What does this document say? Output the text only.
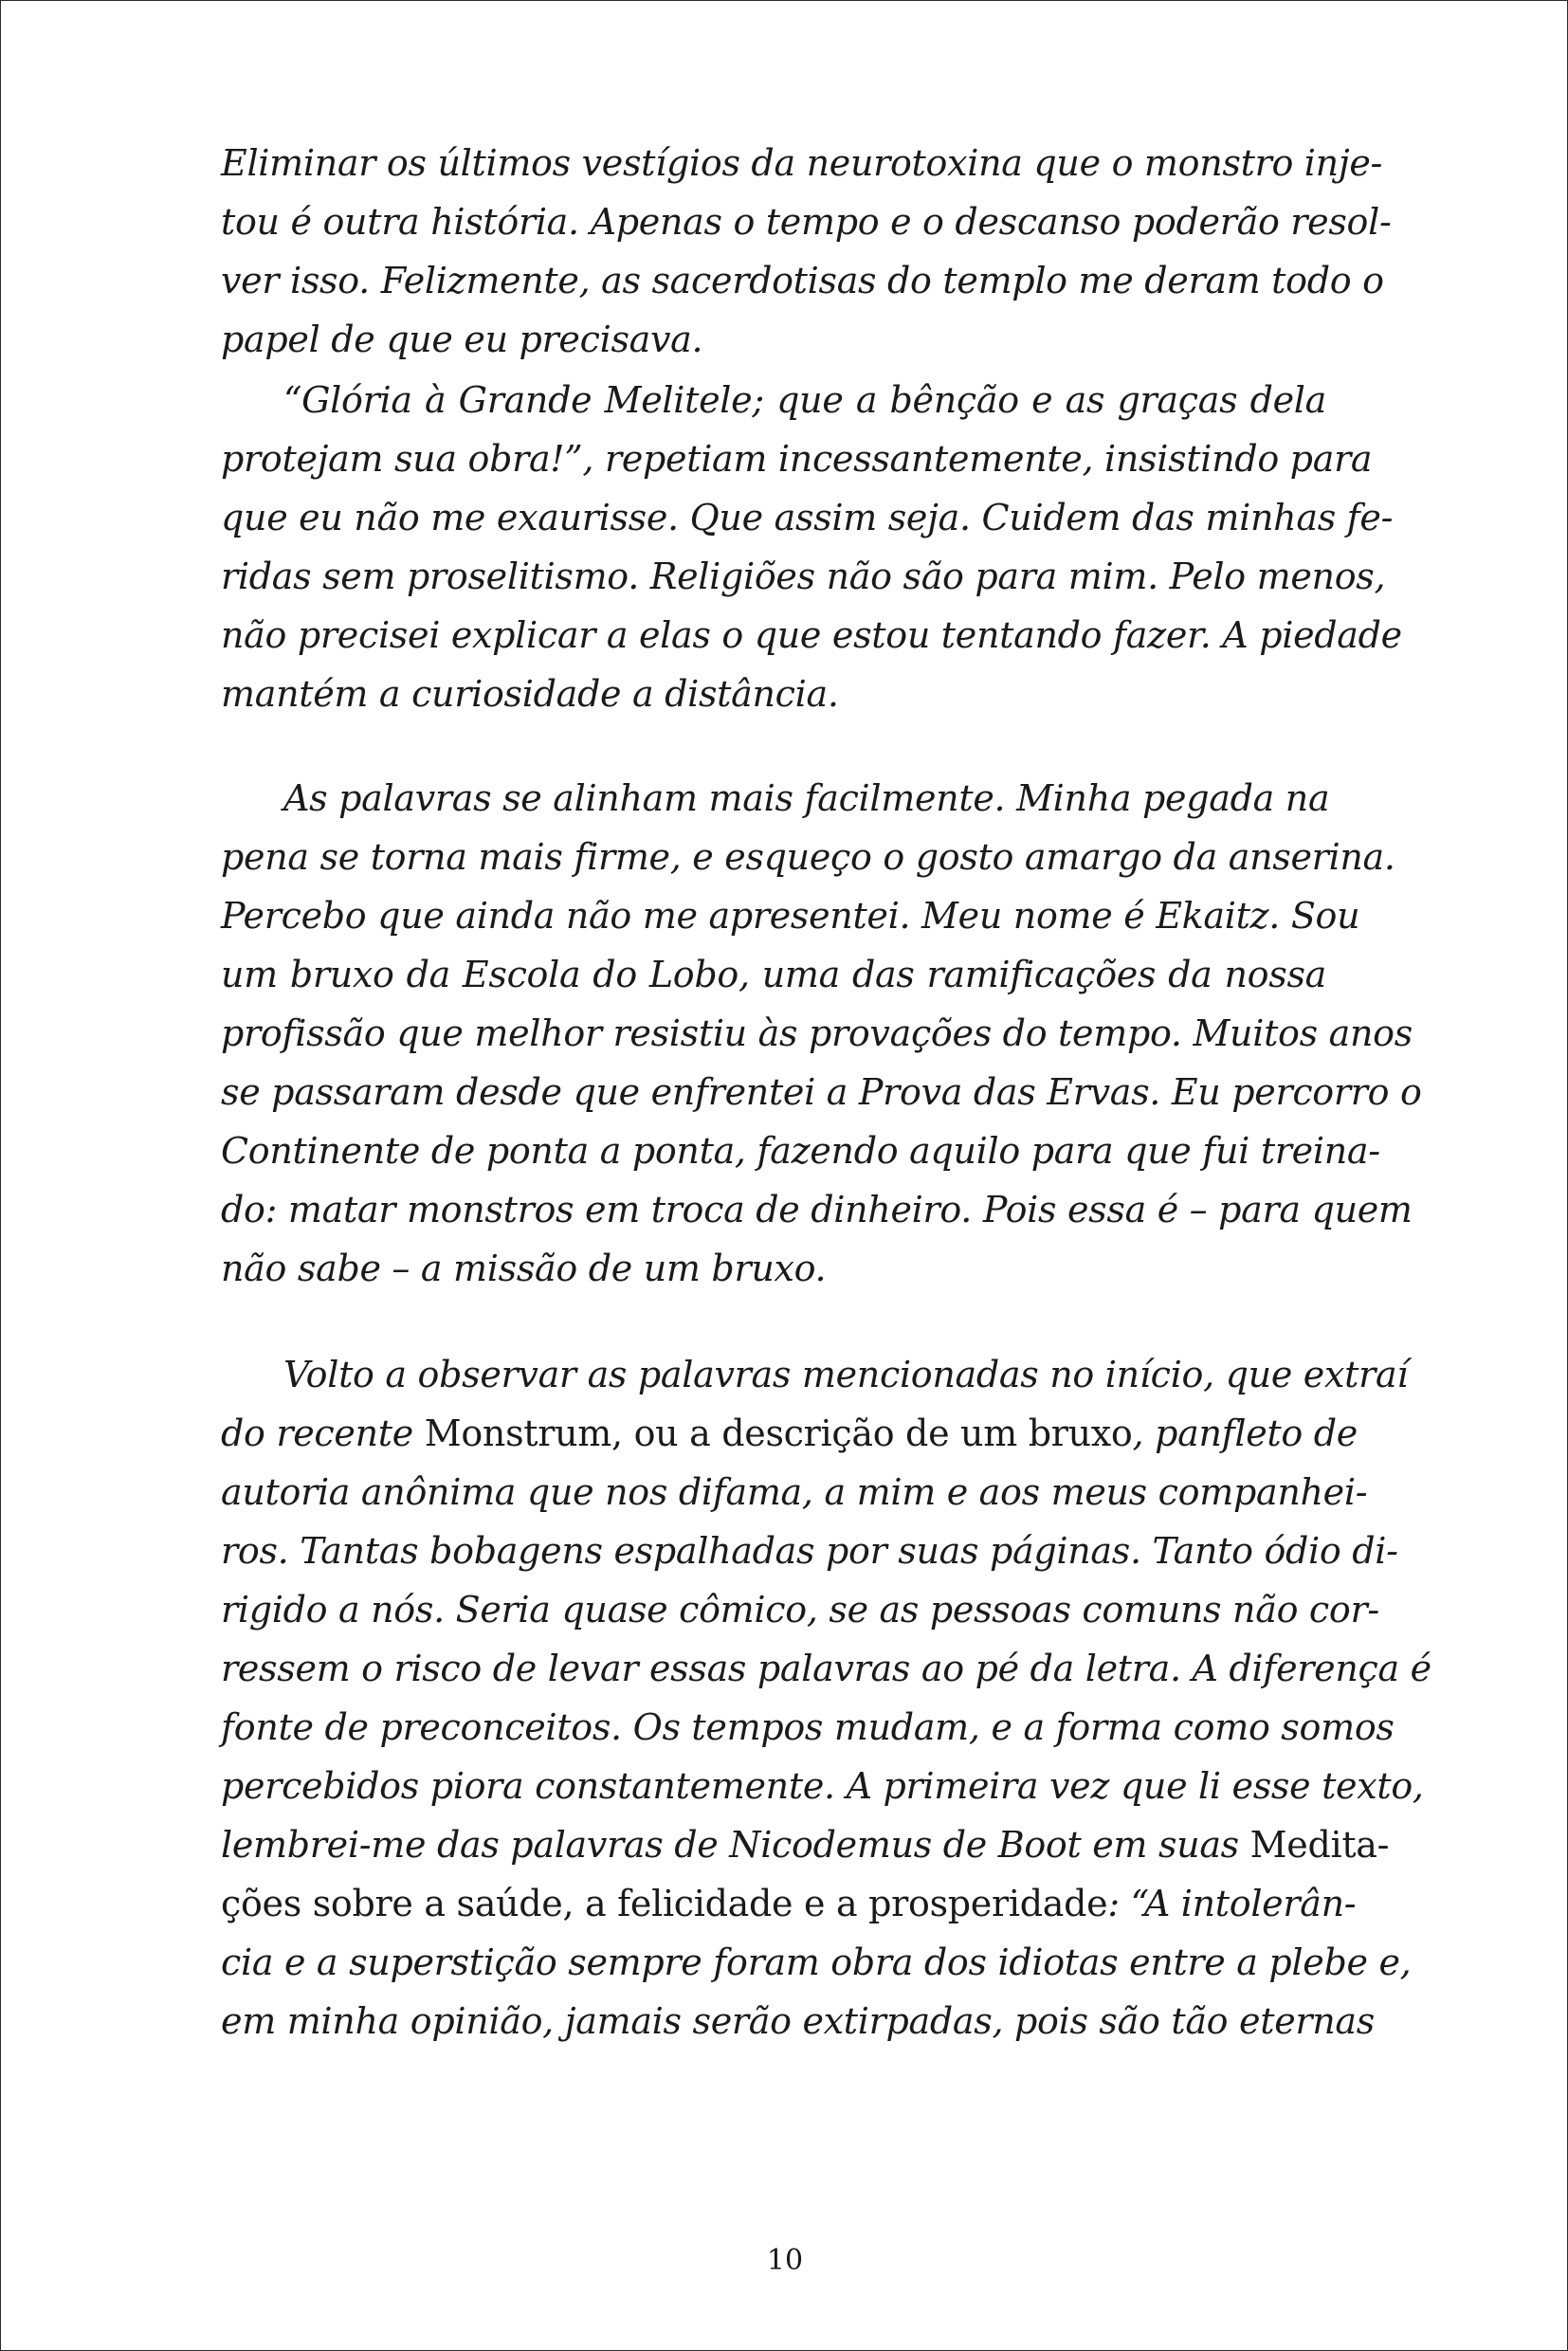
Eliminar os últimos vestígios da neurotoxina que o monstro inje-
tou é outra história. Apenas o tempo e o descanso poderão resol-
ver isso. Felizmente, as sacerdotisas do templo me deram todo o
papel de que eu precisava.
“Glória à Grande Melitele; que a bênção e as graças dela
protejam sua obra!”, repetiam incessantemente, insistindo para
que eu não me exaurisse. Que assim seja. Cuidem das minhas fe-
ridas sem proselitismo. Religiões não são para mim. Pelo menos,
não precisei explicar a elas o que estou tentando fazer. A piedade
mantém a curiosidade a distância.
As palavras se alinham mais facilmente. Minha pegada na
pena se torna mais firme, e esqueço o gosto amargo da anserina.
Percebo que ainda não me apresentei. Meu nome é Ekaitz. Sou
um bruxo da Escola do Lobo, uma das ramificações da nossa
profissão que melhor resistiu às provações do tempo. Muitos anos
se passaram desde que enfrentei a Prova das Ervas. Eu percorro o
Continente de ponta a ponta, fazendo aquilo para que fui treina-
do: matar monstros em troca de dinheiro. Pois essa é – para quem
não sabe – a missão de um bruxo.
Volto a observar as palavras mencionadas no início, que extraí
do recente Monstrum, ou a descrição de um bruxo, panfleto de
autoria anônima que nos difama, a mim e aos meus companhei-
ros. Tantas bobagens espalhadas por suas páginas. Tanto ódio di-
rigido a nós. Seria quase cômico, se as pessoas comuns não cor-
ressem o risco de levar essas palavras ao pé da letra. A diferença é
fonte de preconceitos. Os tempos mudam, e a forma como somos
percebidos piora constantemente. A primeira vez que li esse texto,
lembrei-me das palavras de Nicodemus de Boot em suas Medita-
ções sobre a saúde, a felicidade e a prosperidade: “A intolerân-
cia e a superstição sempre foram obra dos idiotas entre a plebe e,
em minha opinião, jamais serão extirpadas, pois são tão eternas
10
